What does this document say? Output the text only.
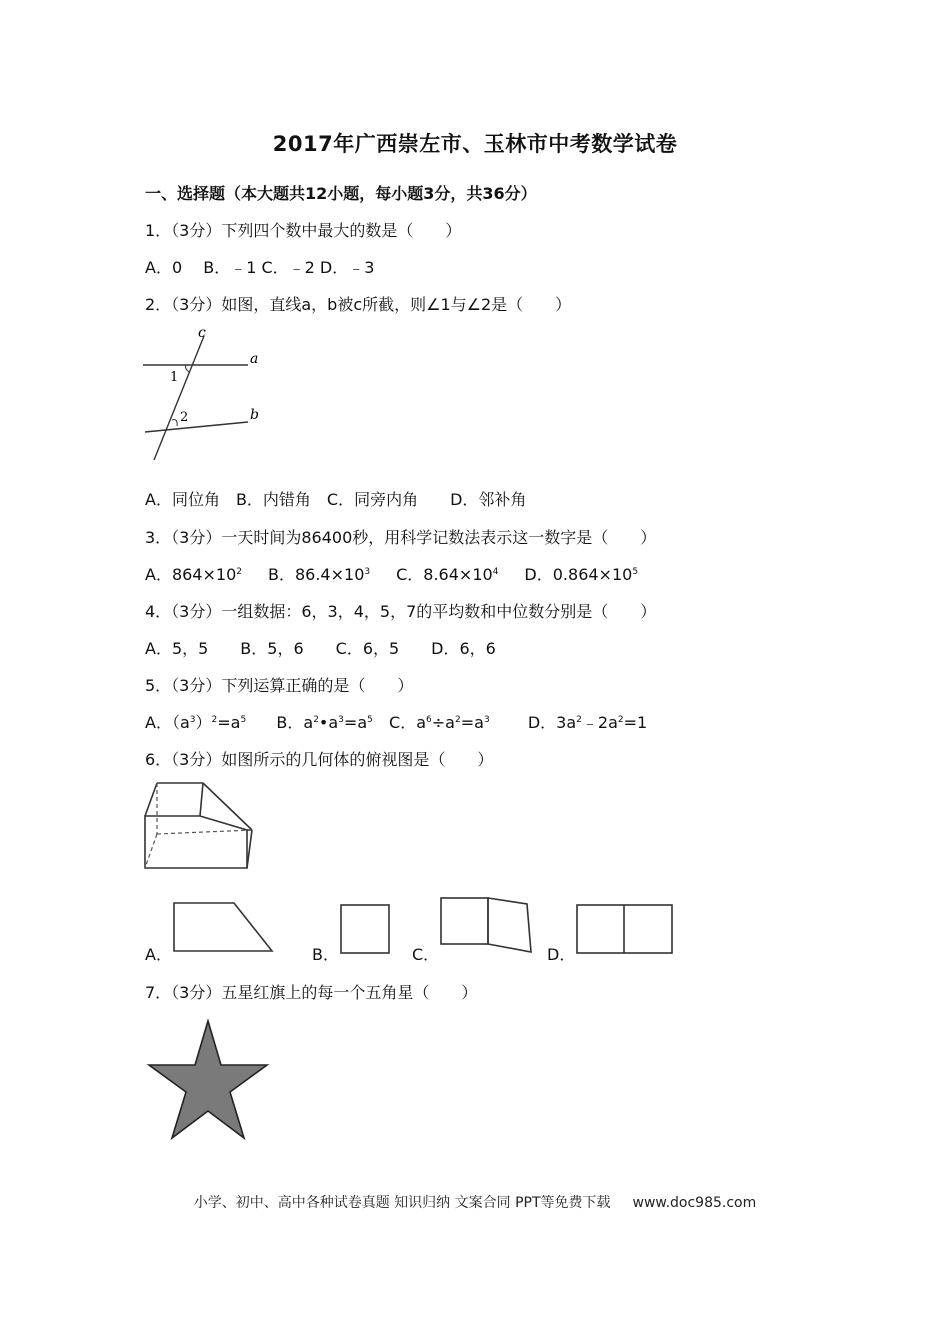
2017年广西崇左市、玉林市中考数学试卷
一、选择题（本大题共12小题，每小题3分，共36分）
1．（3分）下列四个数中最大的数是（　　）
A．0　 B．﹣1 C．﹣2 D．﹣3
2．（3分）如图，直线a，b被c所截，则∠1与∠2是（　　）
c
a
b
1
2
A．同位角　B．内错角　C．同旁内角　　D．邻补角
3．（3分）一天时间为86400秒，用科学记数法表示这一数字是（　　）
A．$864\times 10^2$ B．$86.4\times 10^3$ C．$8.64\times 10^4$ D．$0.864\times 10^5$
4．（3分）一组数据：6，3，4，5，7的平均数和中位数分别是（　　）
A．5，5　　B．5，6　　C．6，5　　D．6，6
5．（3分）下列运算正确的是（　　）
A．$(a^3)^2=a^5$ B．$a^2•a^3=a^5$ C．$a^6\div a^2=a^3$ D．$3a^2﹣2a^2=1$
6．（3分）如图所示的几何体的俯视图是（　　）
A．	B．	C．	D．
7．（3分）五星红旗上的每一个五角星（　　）
小学、初中、高中各种试卷真题 知识归纳 文案合同 PPT等免费下载 www.doc985.com
